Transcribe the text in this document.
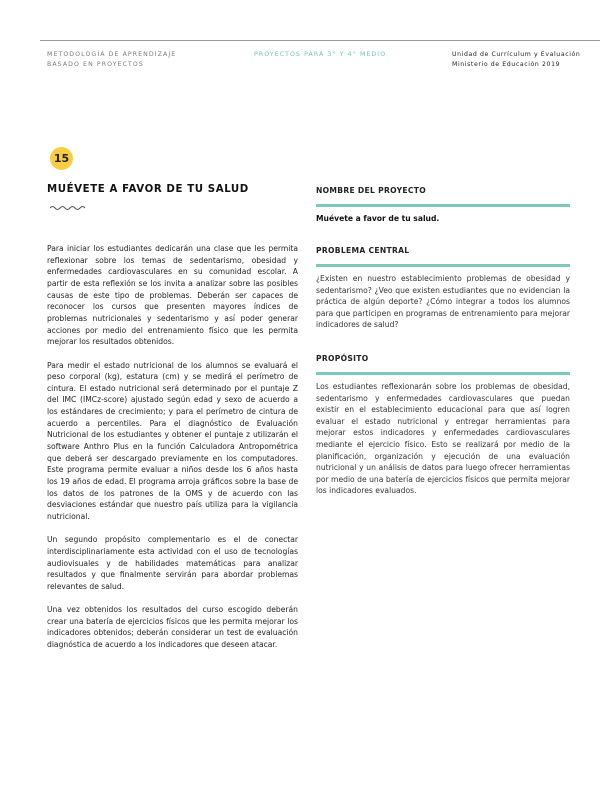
METODOLOGÍA DE APRENDIZAJE
BASADO EN PROYECTOS
PROYECTOS PARA 3° Y 4° MEDIO	Unidad de Currículum y Evaluación
Ministerio de Educación 2019
15
MUÉVETE A FAVOR DE TU SALUD

Para iniciar los estudiantes dedicarán una clase que les permita reflexionar sobre los temas de sedentarismo, obesidad y enfermedades cardiovasculares en su comunidad escolar. A partir de esta reflexión se los invita a analizar sobre las posibles causas de este tipo de problemas. Deberán ser capaces de reconocer los cursos que presenten mayores índices de problemas nutricionales y sedentarismo y así poder generar acciones por medio del entrenamiento físico que les permita mejorar los resultados obtenidos.

Para medir el estado nutricional de los alumnos se evaluará el peso corporal (kg), estatura (cm) y se medirá el perímetro de cintura. El estado nutricional será determinado por el puntaje Z del IMC (IMCz-score) ajustado según edad y sexo de acuerdo a los estándares de crecimiento; y para el perímetro de cintura de acuerdo a percentiles. Para el diagnóstico de Evaluación Nutricional de los estudiantes y obtener el puntaje z utilizarán el software Anthro Plus en la función Calculadora Antropométrica que deberá ser descargado previamente en los computadores. Este programa permite evaluar a niños desde los 6 años hasta los 19 años de edad. El programa arroja gráficos sobre la base de los datos de los patrones de la OMS y de acuerdo con las desviaciones estándar que nuestro país utiliza para la vigilancia nutricional.

Un segundo propósito complementario es el de conectar interdisciplinariamente esta actividad con el uso de tecnologías audiovisuales y de habilidades matemáticas para analizar resultados y que finalmente servirán para abordar problemas relevantes de salud.

Una vez obtenidos los resultados del curso escogido deberán crear una batería de ejercicios físicos que les permita mejorar los indicadores obtenidos; deberán considerar un test de evaluación diagnóstica de acuerdo a los indicadores que deseen atacar.

NOMBRE DEL PROYECTO
Muévete a favor de tu salud.
PROBLEMA CENTRAL
¿Existen en nuestro establecimiento problemas de obesidad y sedentarismo? ¿Veo que existen estudiantes que no evidencian la práctica de algún deporte? ¿Cómo integrar a todos los alumnos para que participen en programas de entrenamiento para mejorar indicadores de salud?
PROPÓSITO
Los estudiantes reflexionarán sobre los problemas de obesidad, sedentarismo y enfermedades cardiovasculares que puedan existir en el establecimiento educacional para que así logren evaluar el estado nutricional y entregar herramientas para mejorar estos indicadores y enfermedades cardiovasculares mediante el ejercicio físico. Esto se realizará por medio de la planificación, organización y ejecución de una evaluación nutricional y un análisis de datos para luego ofrecer herramientas por medio de una batería de ejercicios físicos que permita mejorar los indicadores evaluados.
